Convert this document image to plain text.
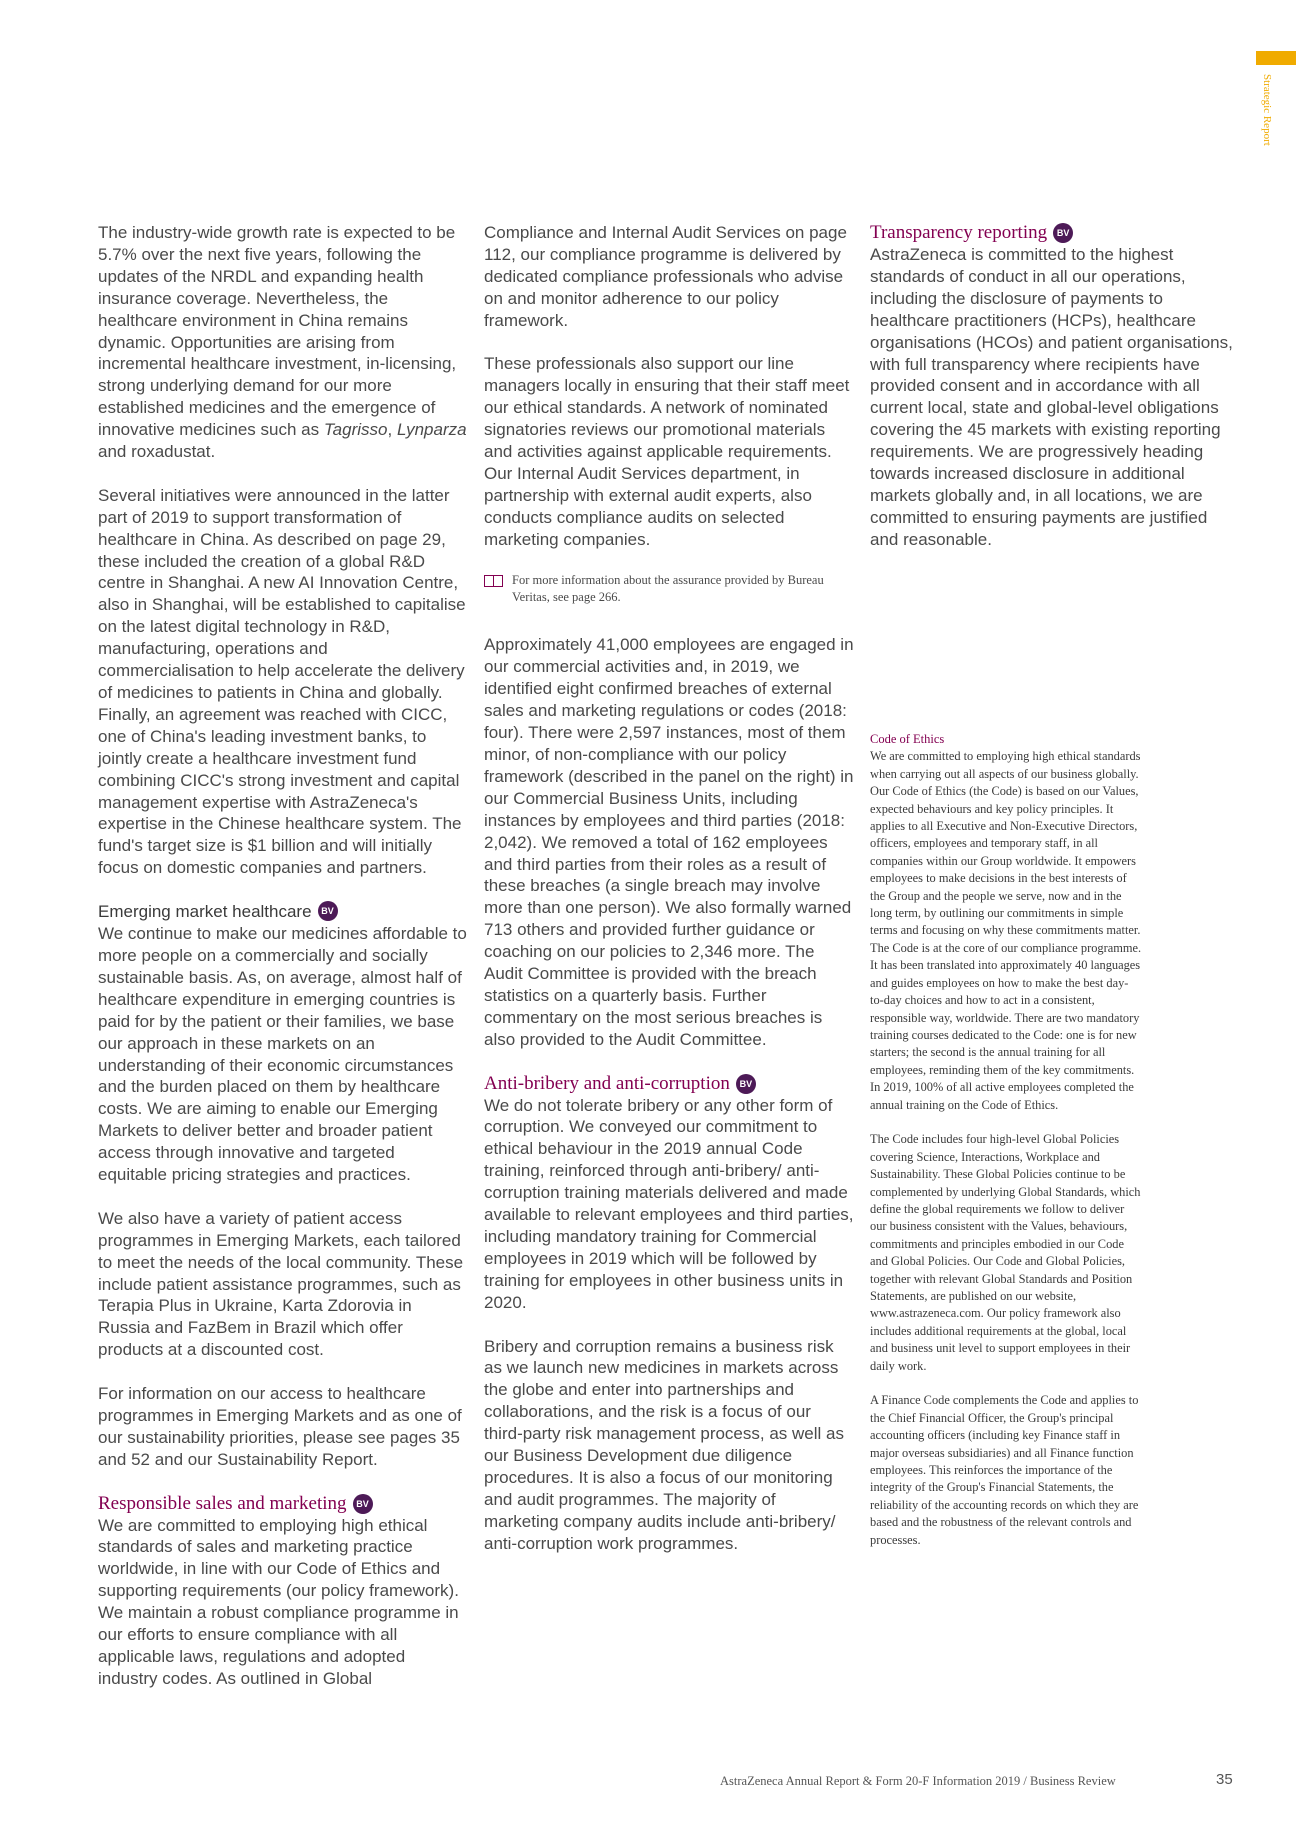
Strategic Report

The industry-wide growth rate is expected to be 5.7% over the next five years, following the updates of the NRDL and expanding health insurance coverage. Nevertheless, the healthcare environment in China remains dynamic. Opportunities are arising from incremental healthcare investment, in-licensing, strong underlying demand for our more established medicines and the emergence of innovative medicines such as Tagrisso, Lynparza and roxadustat.

Several initiatives were announced in the latter part of 2019 to support transformation of healthcare in China. As described on page 29, these included the creation of a global R&D centre in Shanghai. A new AI Innovation Centre, also in Shanghai, will be established to capitalise on the latest digital technology in R&D, manufacturing, operations and commercialisation to help accelerate the delivery of medicines to patients in China and globally. Finally, an agreement was reached with CICC, one of China's leading investment banks, to jointly create a healthcare investment fund combining CICC's strong investment and capital management expertise with AstraZeneca's expertise in the Chinese healthcare system. The fund's target size is $1 billion and will initially focus on domestic companies and partners.

Emerging market healthcare BV

We continue to make our medicines affordable to more people on a commercially and socially sustainable basis. As, on average, almost half of healthcare expenditure in emerging countries is paid for by the patient or their families, we base our approach in these markets on an understanding of their economic circumstances and the burden placed on them by healthcare costs. We are aiming to enable our Emerging Markets to deliver better and broader patient access through innovative and targeted equitable pricing strategies and practices.

We also have a variety of patient access programmes in Emerging Markets, each tailored to meet the needs of the local community. These include patient assistance programmes, such as Terapia Plus in Ukraine, Karta Zdorovia in Russia and FazBem in Brazil which offer products at a discounted cost.

For information on our access to healthcare programmes in Emerging Markets and as one of our sustainability priorities, please see pages 35 and 52 and our Sustainability Report.

Responsible sales and marketing BV

We are committed to employing high ethical standards of sales and marketing practice worldwide, in line with our Code of Ethics and supporting requirements (our policy framework). We maintain a robust compliance programme in our efforts to ensure compliance with all applicable laws, regulations and adopted industry codes. As outlined in Global

Compliance and Internal Audit Services on page 112, our compliance programme is delivered by dedicated compliance professionals who advise on and monitor adherence to our policy framework.

These professionals also support our line managers locally in ensuring that their staff meet our ethical standards. A network of nominated signatories reviews our promotional materials and activities against applicable requirements. Our Internal Audit Services department, in partnership with external audit experts, also conducts compliance audits on selected marketing companies.

For more information about the assurance provided by Bureau Veritas, see page 266.

Approximately 41,000 employees are engaged in our commercial activities and, in 2019, we identified eight confirmed breaches of external sales and marketing regulations or codes (2018: four). There were 2,597 instances, most of them minor, of non-compliance with our policy framework (described in the panel on the right) in our Commercial Business Units, including instances by employees and third parties (2018: 2,042). We removed a total of 162 employees and third parties from their roles as a result of these breaches (a single breach may involve more than one person). We also formally warned 713 others and provided further guidance or coaching on our policies to 2,346 more. The Audit Committee is provided with the breach statistics on a quarterly basis. Further commentary on the most serious breaches is also provided to the Audit Committee.

Anti-bribery and anti-corruption BV

We do not tolerate bribery or any other form of corruption. We conveyed our commitment to ethical behaviour in the 2019 annual Code training, reinforced through anti-bribery/ anti-corruption training materials delivered and made available to relevant employees and third parties, including mandatory training for Commercial employees in 2019 which will be followed by training for employees in other business units in 2020.

Bribery and corruption remains a business risk as we launch new medicines in markets across the globe and enter into partnerships and collaborations, and the risk is a focus of our third-party risk management process, as well as our Business Development due diligence procedures. It is also a focus of our monitoring and audit programmes. The majority of marketing company audits include anti-bribery/ anti-corruption work programmes.

Transparency reporting BV

AstraZeneca is committed to the highest standards of conduct in all our operations, including the disclosure of payments to healthcare practitioners (HCPs), healthcare organisations (HCOs) and patient organisations, with full transparency where recipients have provided consent and in accordance with all current local, state and global-level obligations covering the 45 markets with existing reporting requirements. We are progressively heading towards increased disclosure in additional markets globally and, in all locations, we are committed to ensuring payments are justified and reasonable.

Code of Ethics

We are committed to employing high ethical standards when carrying out all aspects of our business globally. Our Code of Ethics (the Code) is based on our Values, expected behaviours and key policy principles. It applies to all Executive and Non-Executive Directors, officers, employees and temporary staff, in all companies within our Group worldwide. It empowers employees to make decisions in the best interests of the Group and the people we serve, now and in the long term, by outlining our commitments in simple terms and focusing on why these commitments matter. The Code is at the core of our compliance programme. It has been translated into approximately 40 languages and guides employees on how to make the best day-to-day choices and how to act in a consistent, responsible way, worldwide. There are two mandatory training courses dedicated to the Code: one is for new starters; the second is the annual training for all employees, reminding them of the key commitments. In 2019, 100% of all active employees completed the annual training on the Code of Ethics.

The Code includes four high-level Global Policies covering Science, Interactions, Workplace and Sustainability. These Global Policies continue to be complemented by underlying Global Standards, which define the global requirements we follow to deliver our business consistent with the Values, behaviours, commitments and principles embodied in our Code and Global Policies. Our Code and Global Policies, together with relevant Global Standards and Position Statements, are published on our website, www.astrazeneca.com. Our policy framework also includes additional requirements at the global, local and business unit level to support employees in their daily work.

A Finance Code complements the Code and applies to the Chief Financial Officer, the Group's principal accounting officers (including key Finance staff in major overseas subsidiaries) and all Finance function employees. This reinforces the importance of the integrity of the Group's Financial Statements, the reliability of the accounting records on which they are based and the robustness of the relevant controls and processes.

AstraZeneca Annual Report & Form 20-F Information 2019 / Business Review	35
